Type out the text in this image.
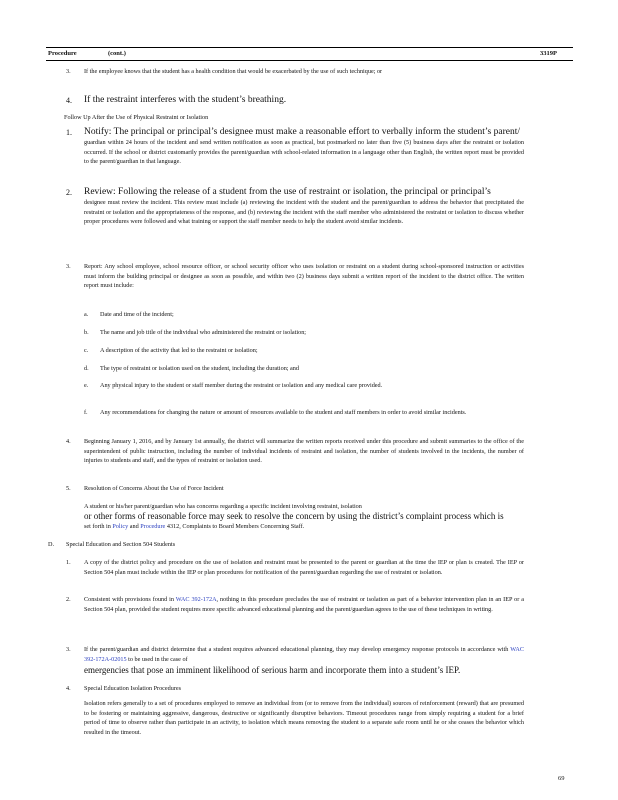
Procedure	(cont.)	3319P
3. If the employee knows that the student has a health condition that would be exacerbated by the use of such technique; or
4. If the restraint interferes with the student’s breathing.
Follow Up After the Use of Physical Restraint or Isolation
1. Notify: The principal or principal’s designee must make a reasonable effort to verbally inform the student’s parent/
guardian within 24 hours of the incident and send written notification as soon as practical, but postmarked no later than five (5) business days after the restraint or isolation occurred. If the school or district customarily provides the parent/guardian with school-related information in a language other than English, the written report must be provided to the parent/guardian in that language.
2. Review: Following the release of a student from the use of restraint or isolation, the principal or principal’s
designee must review the incident. This review must include (a) reviewing the incident with the student and the parent/guardian to address the behavior that precipitated the restraint or isolation and the appropriateness of the response, and (b) reviewing the incident with the staff member who administered the restraint or isolation to discuss whether proper procedures were followed and what training or support the staff member needs to help the student avoid similar incidents.
3. Report: Any school employee, school resource officer, or school security officer who uses isolation or restraint on a student during school-sponsored instruction or activities must inform the building principal or designee as soon as possible, and within two (2) business days submit a written report of the incident to the district office. The written report must include:
a. Date and time of the incident;
b. The name and job title of the individual who administered the restraint or isolation;
c. A description of the activity that led to the restraint or isolation;
d. The type of restraint or isolation used on the student, including the duration; and
e. Any physical injury to the student or staff member during the restraint or isolation and any medical care provided.
f. Any recommendations for changing the nature or amount of resources available to the student and staff members in order to avoid similar incidents.
4. Beginning January 1, 2016, and by January 1st annually, the district will summarize the written reports received under this procedure and submit summaries to the office of the superintendent of public instruction, including the number of individual incidents of restraint and isolation, the number of students involved in the incidents, the number of injuries to students and staff, and the types of restraint or isolation used.
5. Resolution of Concerns About the Use of Force Incident
A student or his/her parent/guardian who has concerns regarding a specific incident involving restraint, isolation
or other forms of reasonable force may seek to resolve the concern by using the district’s complaint process which is
set forth in Policy and Procedure 4312, Complaints to Board Members Concerning Staff.
D. Special Education and Section 504 Students
1. A copy of the district policy and procedure on the use of isolation and restraint must be presented to the parent or guardian at the time the IEP or plan is created. The IEP or Section 504 plan must include within the IEP or plan procedures for notification of the parent/guardian regarding the use of restraint or isolation.
2. Consistent with provisions found in WAC 392-172A, nothing in this procedure precludes the use of restraint or isolation as part of a behavior intervention plan in an IEP or a Section 504 plan, provided the student requires more specific advanced educational planning and the parent/guardian agrees to the use of these techniques in writing.
3. If the parent/guardian and district determine that a student requires advanced educational planning, they may develop emergency response protocols in accordance with WAC 392-172A-02015 to be used in the case of
emergencies that pose an imminent likelihood of serious harm and incorporate them into a student’s IEP.
4. Special Education Isolation Procedures
Isolation refers generally to a set of procedures employed to remove an individual from (or to remove from the individual) sources of reinforcement (reward) that are presumed to be fostering or maintaining aggressive, dangerous, destructive or significantly disruptive behaviors. Timeout procedures range from simply requiring a student for a brief period of time to observe rather than participate in an activity, to isolation which means removing the student to a separate safe room until he or she ceases the behavior which resulted in the timeout.
69
